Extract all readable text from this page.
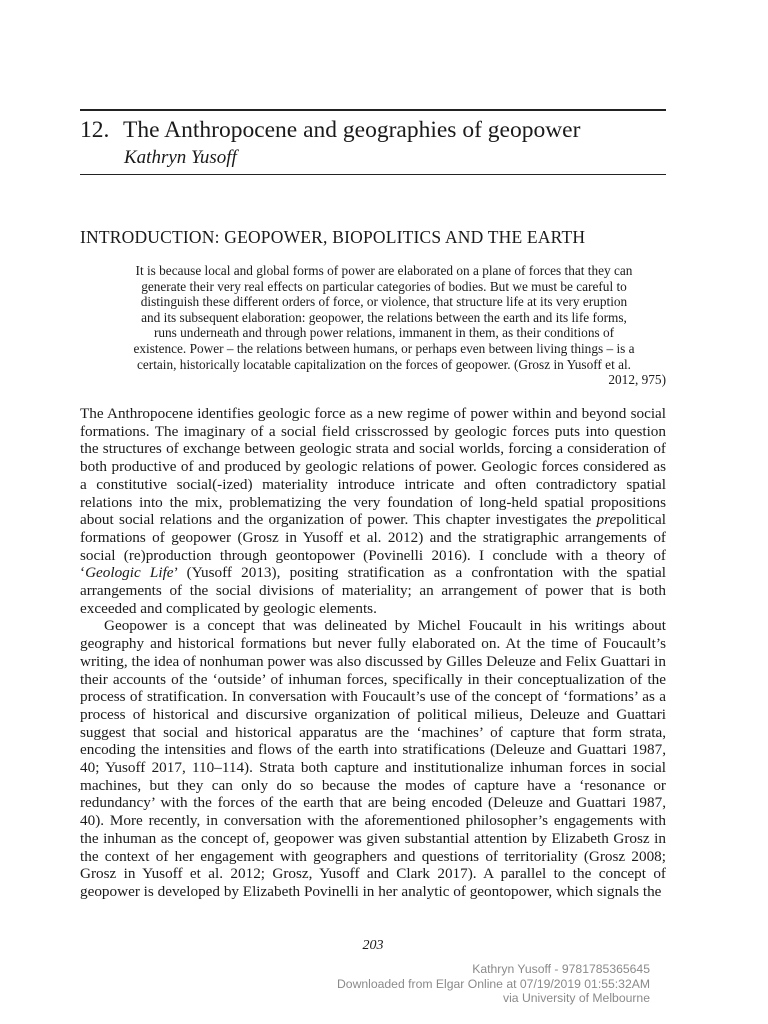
12. The Anthropocene and geographies of geopower
Kathryn Yusoff
INTRODUCTION: GEOPOWER, BIOPOLITICS AND THE EARTH
It is because local and global forms of power are elaborated on a plane of forces that they can
generate their very real effects on particular categories of bodies. But we must be careful to
distinguish these different orders of force, or violence, that structure life at its very eruption
and its subsequent elaboration: geopower, the relations between the earth and its life forms,
runs underneath and through power relations, immanent in them, as their conditions of
existence. Power – the relations between humans, or perhaps even between living things – is a
certain, historically locatable capitalization on the forces of geopower. (Grosz in Yusoff et al.
2012, 975)

The Anthropocene identifies geologic force as a new regime of power within and beyond social formations. The imaginary of a social field crisscrossed by geologic forces puts into question the structures of exchange between geologic strata and social worlds, forcing a consideration of both productive of and produced by geologic relations of power. Geologic forces considered as a constitutive social(-ized) materiality introduce intricate and often contradictory spatial relations into the mix, problematizing the very foundation of long-held spatial propositions about social relations and the organization of power. This chapter investigates the prepolitical formations of geopower (Grosz in Yusoff et al. 2012) and the stratigraphic arrangements of social (re)production through geontopower (Povinelli 2016). I conclude with a theory of ‘Geologic Life’ (Yusoff 2013), positing stratification as a confrontation with the spatial arrangements of the social divisions of materiality; an arrangement of power that is both exceeded and complicated by geologic elements.

Geopower is a concept that was delineated by Michel Foucault in his writings about geography and historical formations but never fully elaborated on. At the time of Foucault’s writing, the idea of nonhuman power was also discussed by Gilles Deleuze and Felix Guattari in their accounts of the ‘outside’ of inhuman forces, specifically in their conceptualization of the process of stratification. In conversation with Foucault’s use of the concept of ‘formations’ as a process of historical and discursive organization of political milieus, Deleuze and Guattari suggest that social and historical apparatus are the ‘machines’ of capture that form strata, encoding the intensities and flows of the earth into stratifications (Deleuze and Guattari 1987, 40; Yusoff 2017, 110–114). Strata both capture and institutionalize inhuman forces in social machines, but they can only do so because the modes of capture have a ‘resonance or redundancy’ with the forces of the earth that are being encoded (Deleuze and Guattari 1987, 40). More recently, in conversation with the aforementioned philosopher’s engagements with the inhuman as the concept of, geopower was given substantial attention by Elizabeth Grosz in the context of her engagement with geographers and questions of territoriality (Grosz 2008; Grosz in Yusoff et al. 2012; Grosz, Yusoff and Clark 2017). A parallel to the concept of geopower is developed by Elizabeth Povinelli in her analytic of geontopower, which signals the

203
Kathryn Yusoff - 9781785365645
Downloaded from Elgar Online at 07/19/2019 01:55:32AM
via University of Melbourne
